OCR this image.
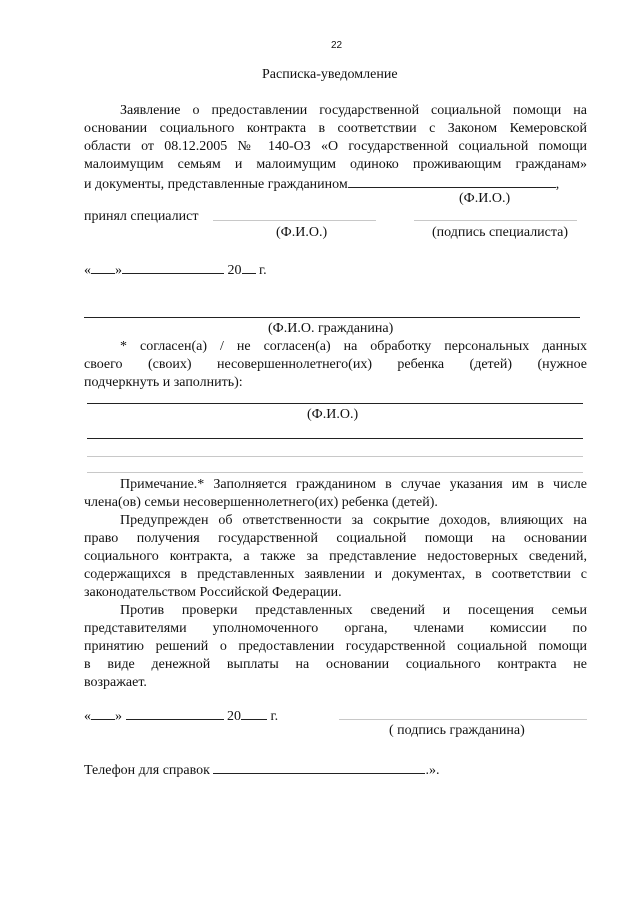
22
Расписка-уведомление
Заявление о предоставлении государственной социальной помощи на
основании социального контракта в соответствии с Законом Кемеровской
области от 08.12.2005 № 140-ОЗ «О государственной социальной помощи
малоимущим семьям и малоимущим одиноко проживающим гражданам»
и документы, представленные гражданином	,
(Ф.И.О.)
принял специалист
(Ф.И.О.)	(подпись специалиста)
« »	20 г.
(Ф.И.О. гражданина)
* согласен(а) / не согласен(а) на обработку персональных данных
своего (своих) несовершеннолетнего(их) ребенка (детей) (нужное
подчеркнуть и заполнить):
(Ф.И.О.)
Примечание.* Заполняется гражданином в случае указания им в числе
члена(ов) семьи несовершеннолетнего(их) ребенка (детей).
Предупрежден об ответственности за сокрытие доходов, влияющих на
право получения государственной социальной помощи на основании
социального контракта, а также за представление недостоверных сведений,
содержащихся в представленных заявлении и документах, в соответствии с
законодательством Российской Федерации.
Против проверки представленных сведений и посещения семьи
представителями уполномоченного органа, членами комиссии по
принятию решений о предоставлении государственной социальной помощи
в виде денежной выплаты на основании социального контракта не
возражает.
« »	20 г.
( подпись гражданина)
Телефон для справок	.».
